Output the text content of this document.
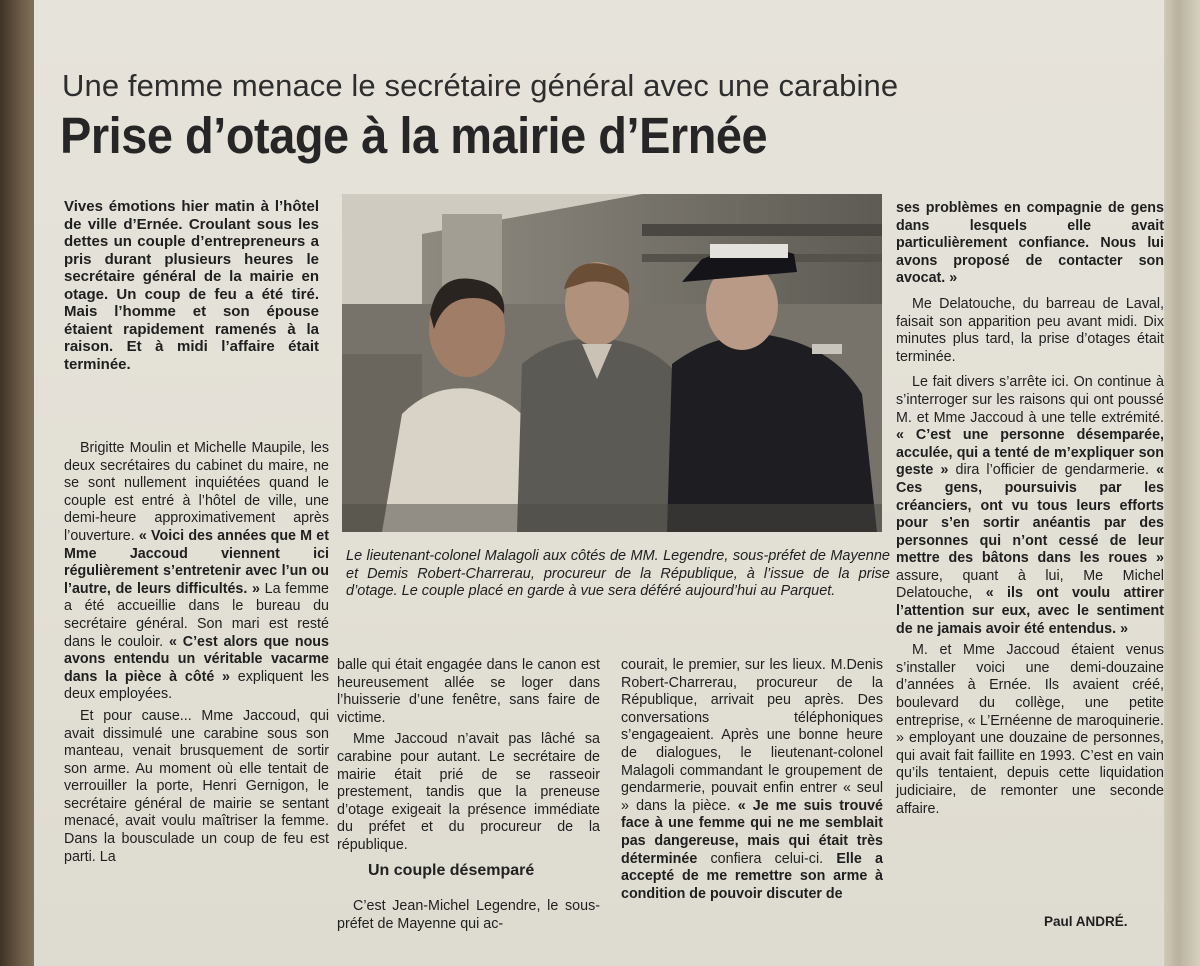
Une femme menace le secrétaire général avec une carabine
Prise d’otage à la mairie d’Ernée
Vives émotions hier matin à l’hôtel de ville d’Ernée. Croulant sous les dettes un couple d’entrepreneurs a pris durant plusieurs heures le secrétaire général de la mairie en otage. Un coup de feu a été tiré. Mais l’homme et son épouse étaient rapidement ramenés à la raison. Et à midi l’affaire était terminée.

Brigitte Moulin et Michelle Maupile, les deux secrétaires du cabinet du maire, ne se sont nullement inquiétées quand le couple est entré à l’hôtel de ville, une demi-heure approximativement après l’ouverture. « Voici des années que M et Mme Jaccoud viennent ici régulièrement s’entretenir avec l’un ou l’autre, de leurs difficultés. » La femme a été accueillie dans le bureau du secrétaire général. Son mari est resté dans le couloir. « C’est alors que nous avons entendu un véritable vacarme dans la pièce à côté » expliquent les deux employées.

Et pour cause... Mme Jaccoud, qui avait dissimulé une carabine sous son manteau, venait brusquement de sortir son arme. Au moment où elle tentait de verrouiller la porte, Henri Gernigon, le secrétaire général de mairie se sentant menacé, avait voulu maîtriser la femme. Dans la bousculade un coup de feu est parti. La

Le lieutenant-colonel Malagoli aux côtés de MM. Legendre, sous-préfet de Mayenne et Demis Robert-Charrerau, procureur de la République, à l’issue de la prise d’otage. Le couple placé en garde à vue sera déféré aujourd’hui au Parquet.

balle qui était engagée dans le canon est heureusement allée se loger dans l’huisserie d’une fenêtre, sans faire de victime.

Mme Jaccoud n’avait pas lâché sa carabine pour autant. Le secrétaire de mairie était prié de se rasseoir prestement, tandis que la preneuse d’otage exigeait la présence immédiate du préfet et du procureur de la république.

Un couple désemparé

C’est Jean-Michel Legendre, le sous-préfet de Mayenne qui ac-

courait, le premier, sur les lieux. M.Denis Robert-Charrerau, procureur de la République, arrivait peu après. Des conversations téléphoniques s’engageaient. Après une bonne heure de dialogues, le lieutenant-colonel Malagoli commandant le groupement de gendarmerie, pouvait enfin entrer « seul » dans la pièce. « Je me suis trouvé face à une femme qui ne me semblait pas dangereuse, mais qui était très déterminée confiera celui-ci. Elle a accepté de me remettre son arme à condition de pouvoir discuter de

ses problèmes en compagnie de gens dans lesquels elle avait particulièrement confiance. Nous lui avons proposé de contacter son avocat. »

Me Delatouche, du barreau de Laval, faisait son apparition peu avant midi. Dix minutes plus tard, la prise d’otages était terminée.

Le fait divers s’arrête ici. On continue à s’interroger sur les raisons qui ont poussé M. et Mme Jaccoud à une telle extrémité. « C’est une personne désemparée, acculée, qui a tenté de m’expliquer son geste » dira l’officier de gendarmerie. « Ces gens, poursuivis par les créanciers, ont vu tous leurs efforts pour s’en sortir anéantis par des personnes qui n’ont cessé de leur mettre des bâtons dans les roues » assure, quant à lui, Me Michel Delatouche, « ils ont voulu attirer l’attention sur eux, avec le sentiment de ne jamais avoir été entendus. »

M. et Mme Jaccoud étaient venus s’installer voici une demi-douzaine d’années à Ernée. Ils avaient créé, boulevard du collège, une petite entreprise, « L’Ernéenne de maroquinerie. » employant une douzaine de personnes, qui avait fait faillite en 1993. C’est en vain qu’ils tentaient, depuis cette liquidation judiciaire, de remonter une seconde affaire.

Paul ANDRÉ.
